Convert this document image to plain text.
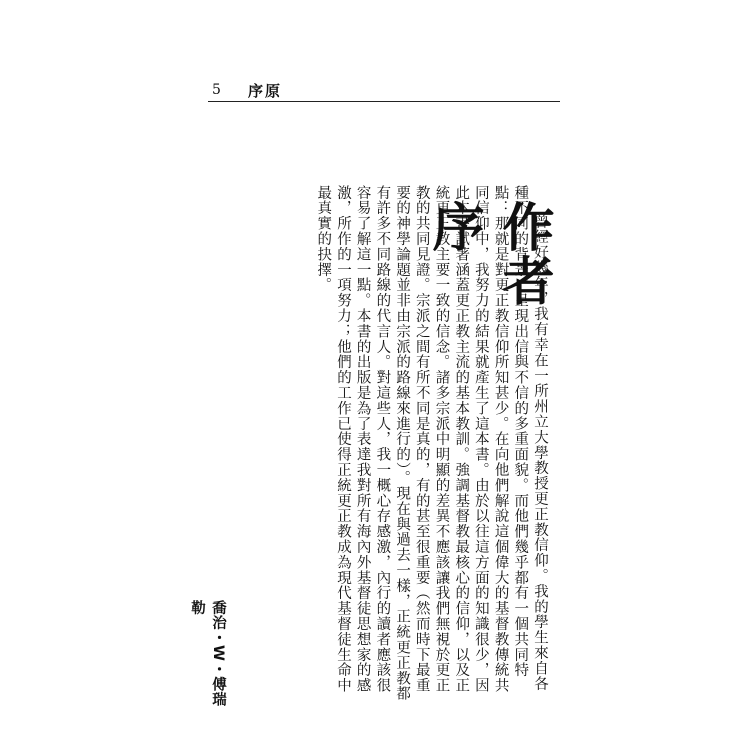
5 序原
作者序	曾經好幾年，我有幸在一所州立大學教授更正教信仰。我的學生來自各種不同的背景，呈現出信與不信的多重面貌。而他們幾乎都有一個共同特點：那就是對更正教信仰所知甚少。在向他們解說這個偉大的基督教傳統共同信仰中，我努力的結果就產生了這本書。由於以往這方面的知識很少，因此本書試著涵蓋更正教主流的基本教訓。強調基督教最核心的信仰，以及正統更正教主要一致的信念。諸多宗派中明顯的差異不應該讓我們無視於更正教的共同見證。宗派之間有所不同是真的，有的甚至很重要（然而時下最重要的神學論題並非由宗派的路線來進行的）。現在與過去一樣，正統更正教都有許多不同路線的代言人。對這些人，我一概心存感激，內行的讀者應該很容易了解這一點。本書的出版是為了表達我對所有海內外基督徒思想家的感激，所作的一項努力；他們的工作已使得正統更正教成為現代基督徒生命中最真實的抉擇。

喬治・W・傅瑞勒
